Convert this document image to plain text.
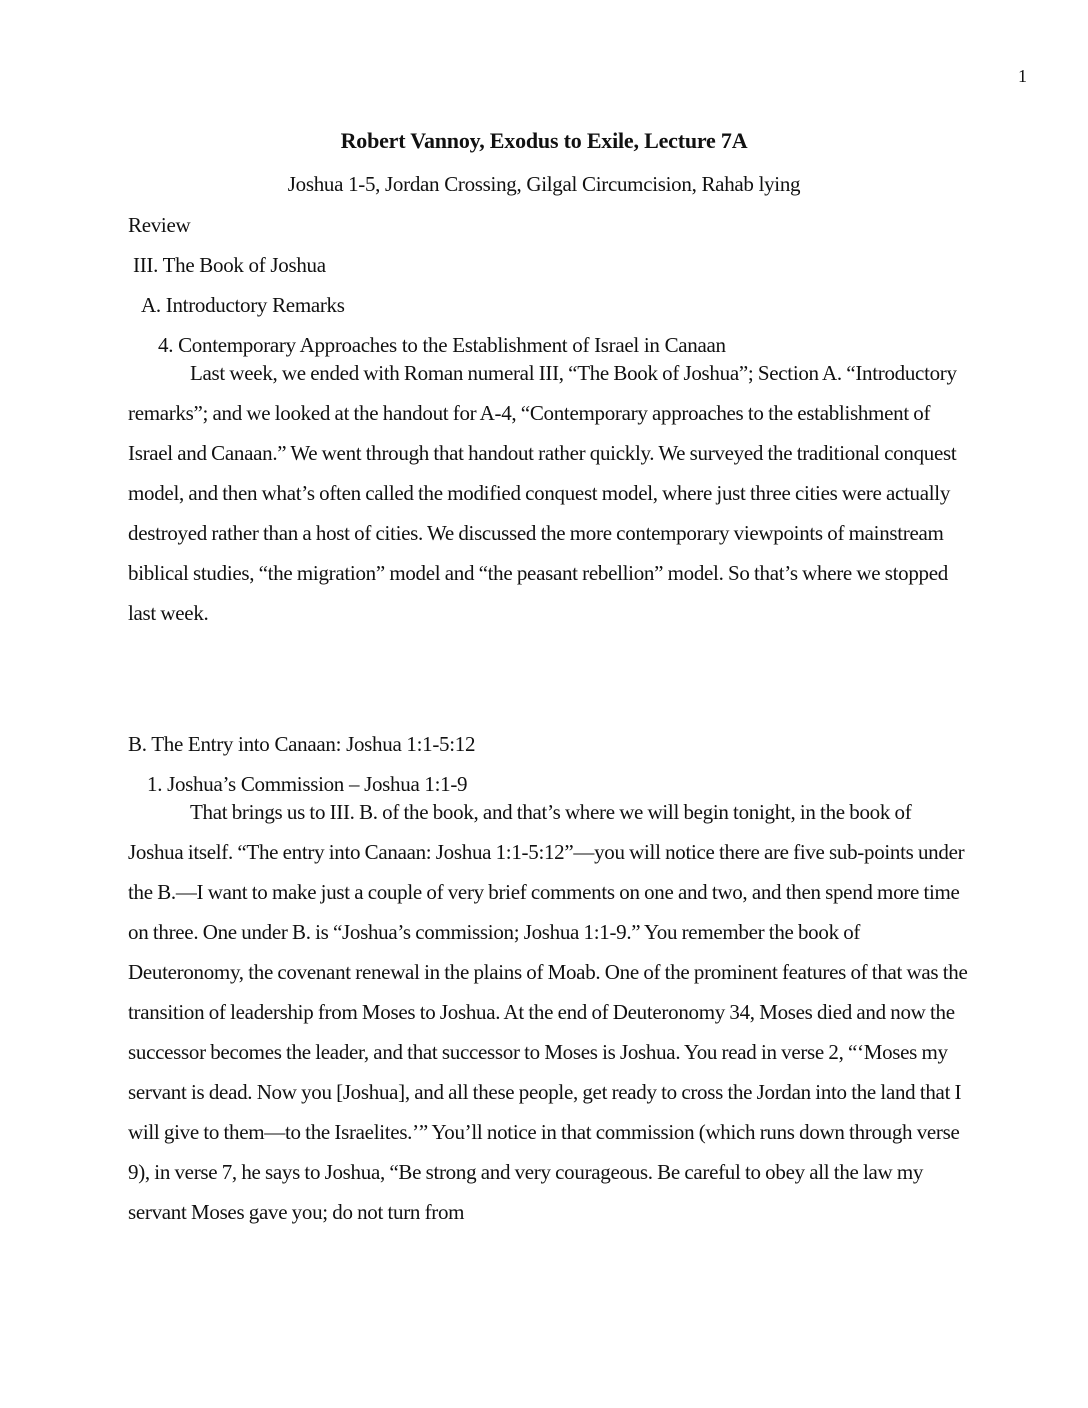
1
Robert Vannoy, Exodus to Exile, Lecture 7A
Joshua 1-5, Jordan Crossing, Gilgal Circumcision, Rahab lying
Review
III. The Book of Joshua
A. Introductory Remarks
4. Contemporary Approaches to the Establishment of Israel in Canaan

Last week, we ended with Roman numeral III, “The Book of Joshua”; Section A. “Introductory remarks”; and we looked at the handout for A-4, “Contemporary approaches to the establishment of Israel and Canaan.” We went through that handout rather quickly. We surveyed the traditional conquest model, and then what’s often called the modified conquest model, where just three cities were actually destroyed rather than a host of cities. We discussed the more contemporary viewpoints of mainstream biblical studies, “the migration” model and “the peasant rebellion” model. So that’s where we stopped last week.

B. The Entry into Canaan: Joshua 1:1-5:12
1. Joshua’s Commission – Joshua 1:1-9

That brings us to III. B. of the book, and that’s where we will begin tonight, in the book of Joshua itself. “The entry into Canaan: Joshua 1:1-5:12”—you will notice there are five sub-points under the B.—I want to make just a couple of very brief comments on one and two, and then spend more time on three. One under B. is “Joshua’s commission; Joshua 1:1-9.” You remember the book of Deuteronomy, the covenant renewal in the plains of Moab. One of the prominent features of that was the transition of leadership from Moses to Joshua. At the end of Deuteronomy 34, Moses died and now the successor becomes the leader, and that successor to Moses is Joshua. You read in verse 2, “‘Moses my servant is dead. Now you [Joshua], and all these people, get ready to cross the Jordan into the land that I will give to them—to the Israelites.’” You’ll notice in that commission (which runs down through verse 9), in verse 7, he says to Joshua, “Be strong and very courageous. Be careful to obey all the law my servant Moses gave you; do not turn from
